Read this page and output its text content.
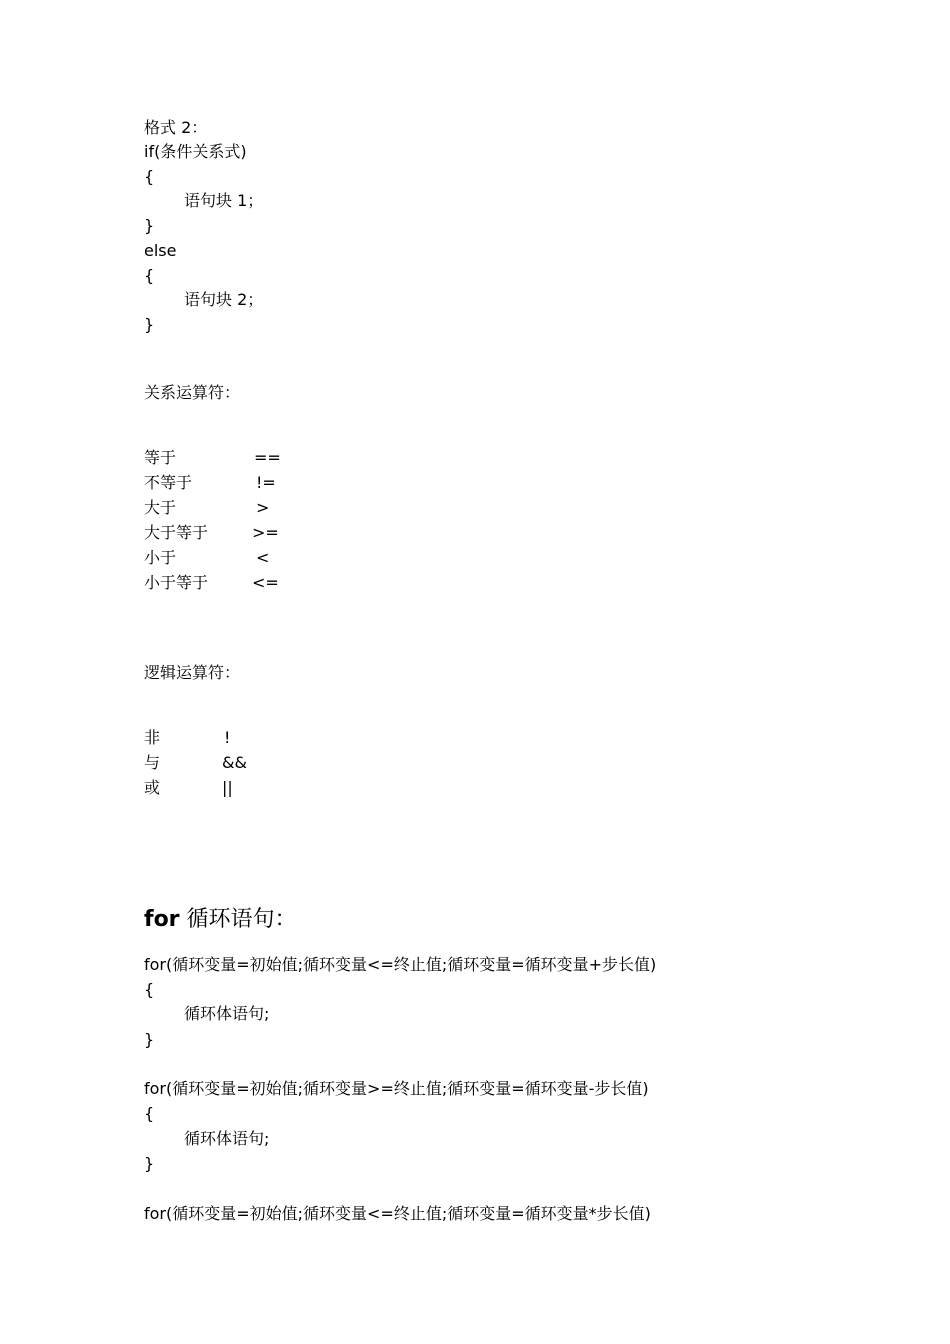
格式 2：
if(条件关系式)
{
语句块 1；
}
else
{
语句块 2；
}
关系运算符：
等于	==
不等于	!=
大于	>
大于等于	>=
小于	<
小于等于	<=
逻辑运算符：
非	!
与	&&
或	||
for 循环语句：
for(循环变量=初始值;循环变量<=终止值;循环变量=循环变量+步长值)
{
循环体语句;
}
for(循环变量=初始值;循环变量>=终止值;循环变量=循环变量-步长值)
{
循环体语句;
}
for(循环变量=初始值;循环变量<=终止值;循环变量=循环变量*步长值)
